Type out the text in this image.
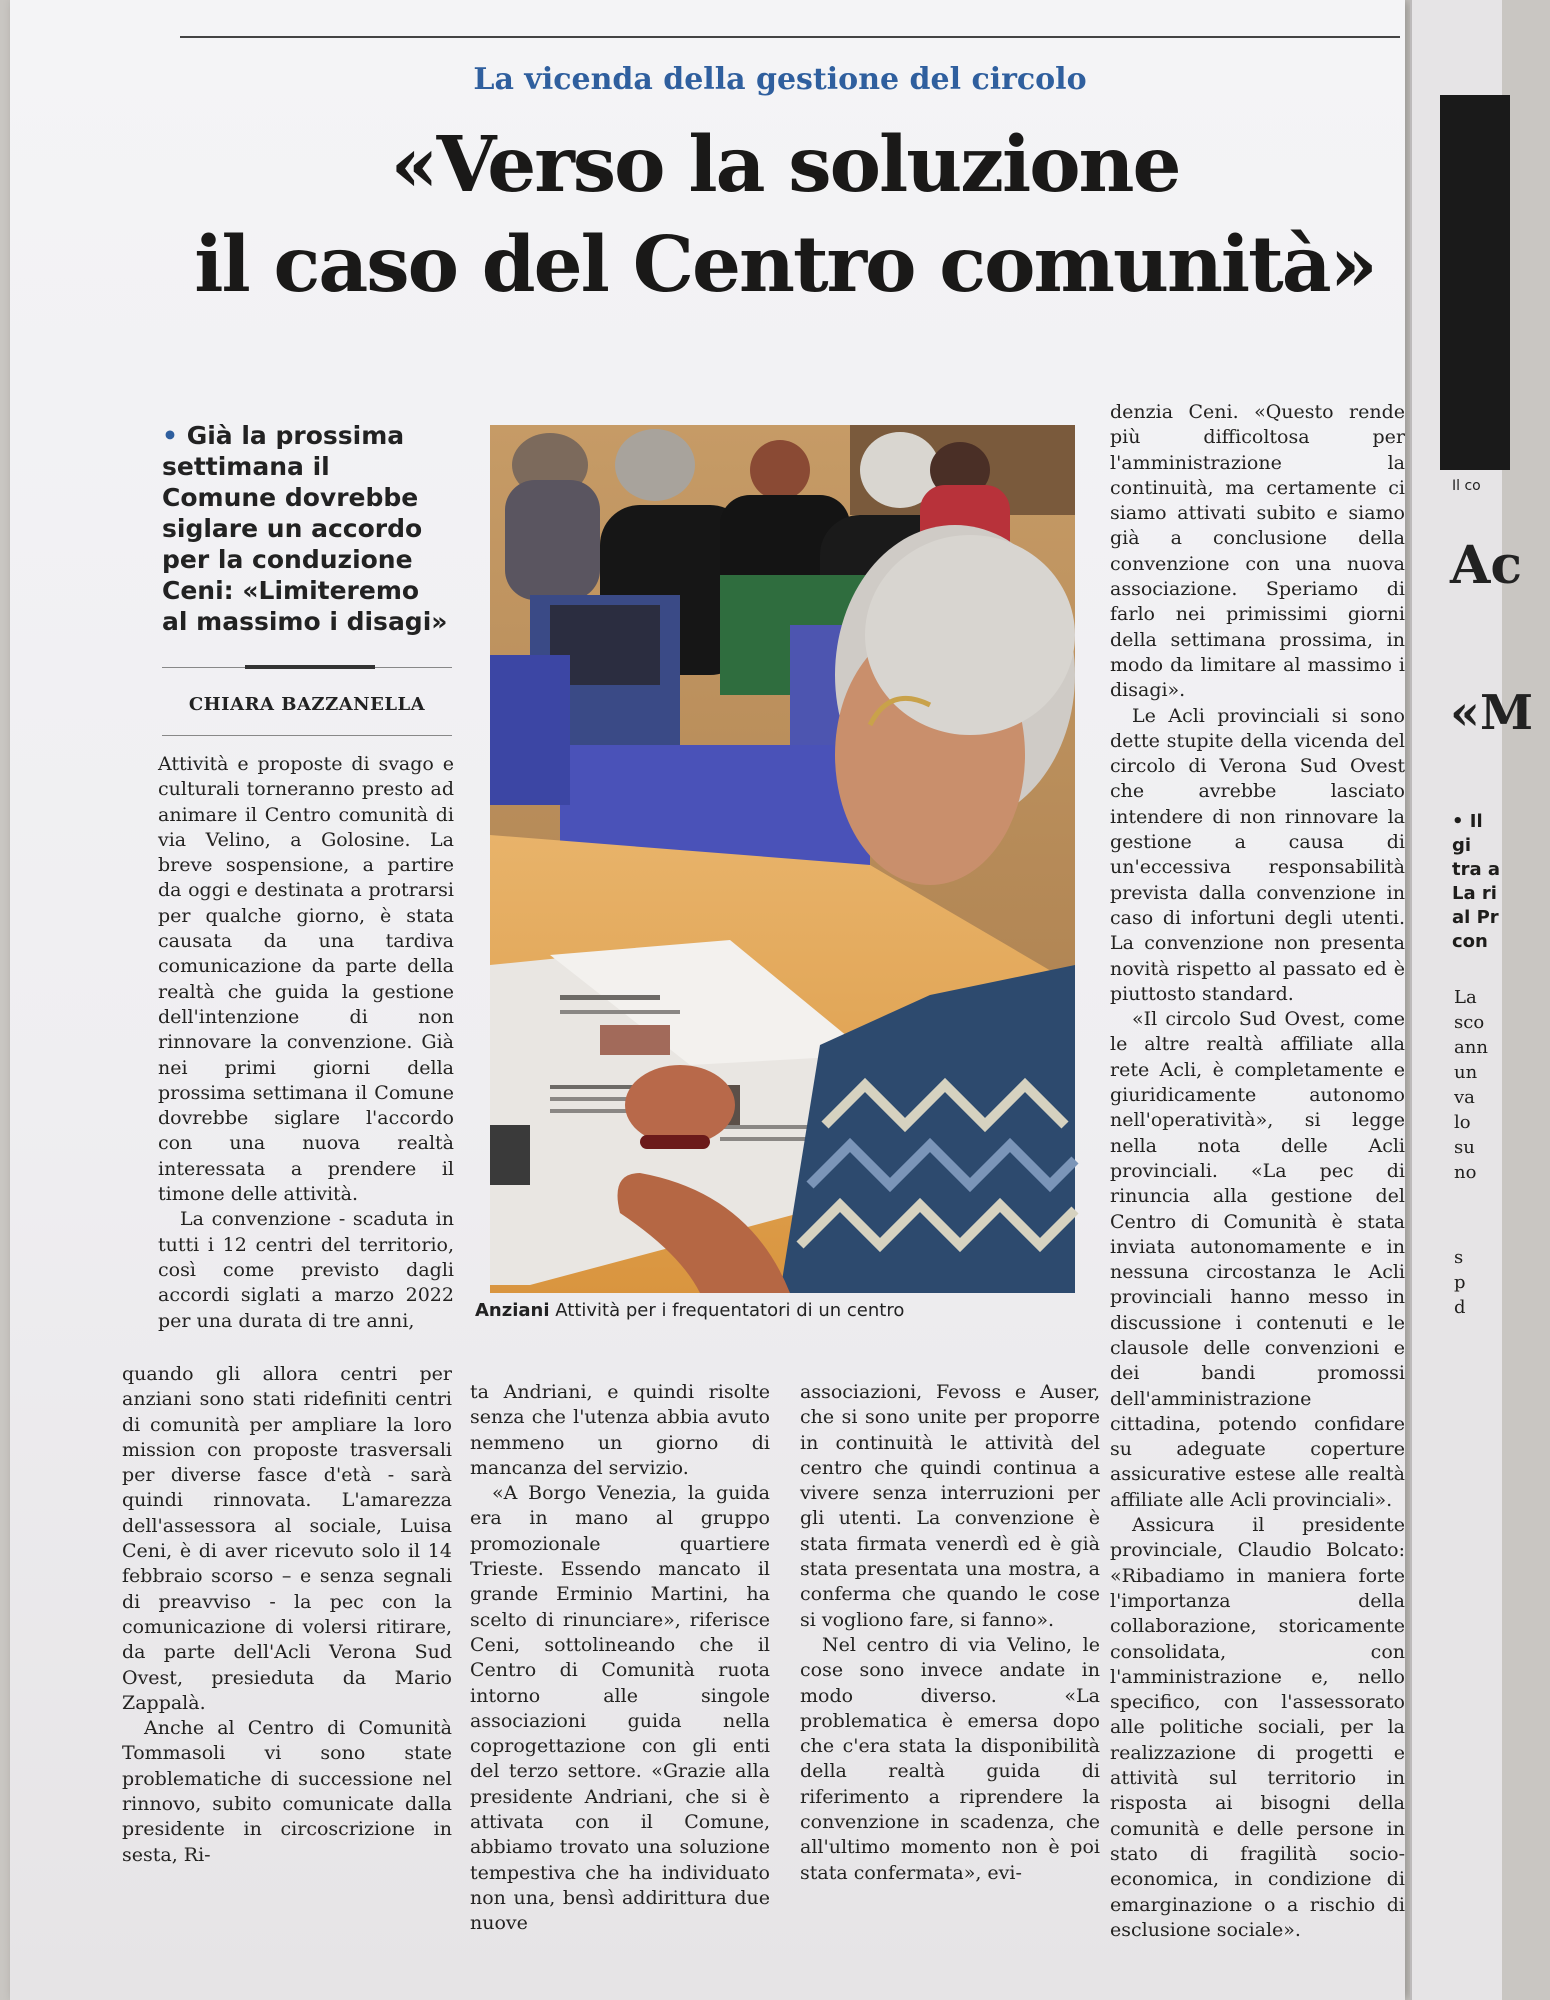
La vicenda della gestione del circolo
«Verso la soluzione
il caso del Centro comunità»
• Già la prossima settimana il Comune dovrebbe siglare un accordo per la conduzione Ceni: «Limiteremo al massimo i disagi»
CHIARA BAZZANELLA

Attività e proposte di svago e culturali torneranno presto ad animare il Centro comunità di via Velino, a Golosine. La breve sospensione, a partire da oggi e destinata a protrarsi per qualche giorno, è stata causata da una tardiva comunicazione da parte della realtà che guida la gestione dell'intenzione di non rinnovare la convenzione. Già nei primi giorni della prossima settimana il Comune dovrebbe siglare l'accordo con una nuova realtà interessata a prendere il timone delle attività.

La convenzione - scaduta in tutti i 12 centri del territorio, così come previsto dagli accordi siglati a marzo 2022 per una durata di tre anni,	Anziani Attività per i frequentatori di un centro

quando gli allora centri per anziani sono stati ridefiniti centri di comunità per ampliare la loro mission con proposte trasversali per diverse fasce d'età - sarà quindi rinnovata. L'amarezza dell'assessora al sociale, Luisa Ceni, è di aver ricevuto solo il 14 febbraio scorso – e senza segnali di preavviso - la pec con la comunicazione di volersi ritirare, da parte dell'Acli Verona Sud Ovest, presieduta da Mario Zappalà.

Anche al Centro di Comunità Tommasoli vi sono state problematiche di successione nel rinnovo, subito comunicate dalla presidente in circoscrizione in sesta, Ri-

ta Andriani, e quindi risolte senza che l'utenza abbia avuto nemmeno un giorno di mancanza del servizio.

«A Borgo Venezia, la guida era in mano al gruppo promozionale quartiere Trieste. Essendo mancato il grande Erminio Martini, ha scelto di rinunciare», riferisce Ceni, sottolineando che il Centro di Comunità ruota intorno alle singole associazioni guida nella coprogettazione con gli enti del terzo settore. «Grazie alla presidente Andriani, che si è attivata con il Comune, abbiamo trovato una soluzione tempestiva che ha individuato non una, bensì addirittura due nuove

associazioni, Fevoss e Auser, che si sono unite per proporre in continuità le attività del centro che quindi continua a vivere senza interruzioni per gli utenti. La convenzione è stata firmata venerdì ed è già stata presentata una mostra, a conferma che quando le cose si vogliono fare, si fanno».

Nel centro di via Velino, le cose sono invece andate in modo diverso. «La problematica è emersa dopo che c'era stata la disponibilità della realtà guida di riferimento a riprendere la convenzione in scadenza, che all'ultimo momento non è poi stata confermata», evi-

denzia Ceni. «Questo rende più difficoltosa per l'amministrazione la continuità, ma certamente ci siamo attivati subito e siamo già a conclusione della convenzione con una nuova associazione. Speriamo di farlo nei primissimi giorni della settimana prossima, in modo da limitare al massimo i disagi».

Le Acli provinciali si sono dette stupite della vicenda del circolo di Verona Sud Ovest che avrebbe lasciato intendere di non rinnovare la gestione a causa di un'eccessiva responsabilità prevista dalla convenzione in caso di infortuni degli utenti. La convenzione non presenta novità rispetto al passato ed è piuttosto standard.

«Il circolo Sud Ovest, come le altre realtà affiliate alla rete Acli, è completamente e giuridicamente autonomo nell'operatività», si legge nella nota delle Acli provinciali. «La pec di rinuncia alla gestione del Centro di Comunità è stata inviata autonomamente e in nessuna circostanza le Acli provinciali hanno messo in discussione i contenuti e le clausole delle convenzioni e dei bandi promossi dell'amministrazione cittadina, potendo confidare su adeguate coperture assicurative estese alle realtà affiliate alle Acli provinciali».

Assicura il presidente provinciale, Claudio Bolcato: «Ribadiamo in maniera forte l'importanza della collaborazione, storicamente consolidata, con l'amministrazione e, nello specifico, con l'assessorato alle politiche sociali, per la realizzazione di progetti e attività sul territorio in risposta ai bisogni della comunità e delle persone in stato di fragilità socio-economica, in condizione di emarginazione o a rischio di esclusione sociale».

Il co
Ac
«M
• Il gi
tra a
La ri
al Pr
con
La
sco
ann
un
va
lo
su
no
s
p
d
